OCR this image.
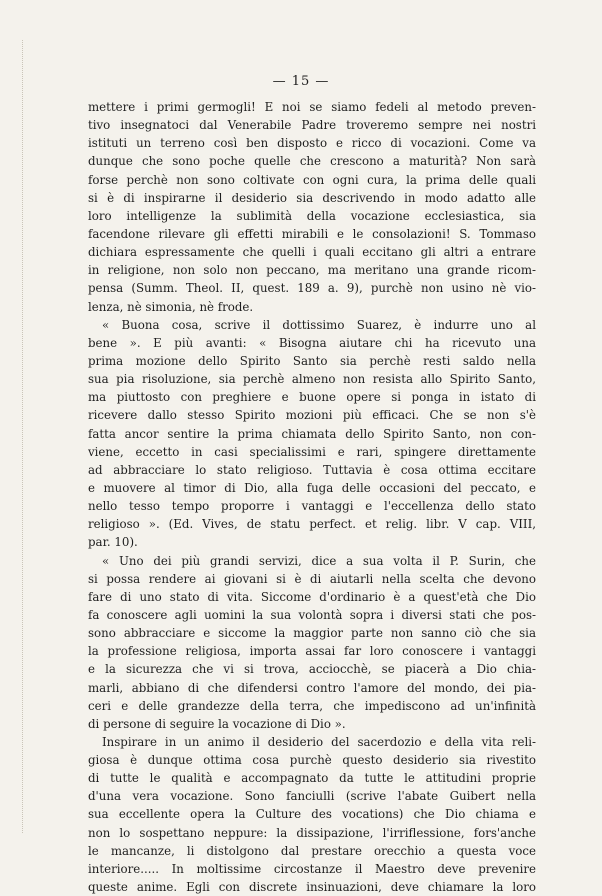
— 15 —
mettere i primi germogli! E noi se siamo fedeli al metodo preven-
tivo insegnatoci dal Venerabile Padre troveremo sempre nei nostri
istituti un terreno così ben disposto e ricco di vocazioni. Come va
dunque che sono poche quelle che crescono a maturità? Non sarà
forse perchè non sono coltivate con ogni cura, la prima delle quali
si è di inspirarne il desiderio sia descrivendo in modo adatto alle
loro intelligenze la sublimità della vocazione ecclesiastica, sia
facendone rilevare gli effetti mirabili e le consolazioni! S. Tommaso
dichiara espressamente che quelli i quali eccitano gli altri a entrare
in religione, non solo non peccano, ma meritano una grande ricom-
pensa (Summ. Theol. II, quest. 189 a. 9), purchè non usino nè vio-
lenza, nè simonia, nè frode.
« Buona cosa, scrive il dottissimo Suarez, è indurre uno al
bene ». E più avanti: « Bisogna aiutare chi ha ricevuto una
prima mozione dello Spirito Santo sia perchè resti saldo nella
sua pia risoluzione, sia perchè almeno non resista allo Spirito Santo,
ma piuttosto con preghiere e buone opere si ponga in istato di
ricevere dallo stesso Spirito mozioni più efficaci. Che se non s'è
fatta ancor sentire la prima chiamata dello Spirito Santo, non con-
viene, eccetto in casi specialissimi e rari, spingere direttamente
ad abbracciare lo stato religioso. Tuttavia è cosa ottima eccitare
e muovere al timor di Dio, alla fuga delle occasioni del peccato, e
nello tesso tempo proporre i vantaggi e l'eccellenza dello stato
religioso ». (Ed. Vives, de statu perfect. et relig. libr. V cap. VIII,
par. 10).
« Uno dei più grandi servizi, dice a sua volta il P. Surin, che
si possa rendere ai giovani si è di aiutarli nella scelta che devono
fare di uno stato di vita. Siccome d'ordinario è a quest'età che Dio
fa conoscere agli uomini la sua volontà sopra i diversi stati che pos-
sono abbracciare e siccome la maggior parte non sanno ciò che sia
la professione religiosa, importa assai far loro conoscere i vantaggi
e la sicurezza che vi si trova, acciocchè, se piacerà a Dio chia-
marli, abbiano di che difendersi contro l'amore del mondo, dei pia-
ceri e delle grandezze della terra, che impediscono ad un'infinità
di persone di seguire la vocazione di Dio ».
Inspirare in un animo il desiderio del sacerdozio e della vita reli-
giosa è dunque ottima cosa purchè questo desiderio sia rivestito
di tutte le qualità e accompagnato da tutte le attitudini proprie
d'una vera vocazione. Sono fanciulli (scrive l'abate Guibert nella
sua eccellente opera la Culture des vocations) che Dio chiama e
non lo sospettano neppure: la dissipazione, l'irriflessione, fors'anche
le mancanze, li distolgono dal prestare orecchio a questa voce
interiore..... In moltissime circostanze il Maestro deve prevenire
queste anime. Egli con discrete insinuazioni, deve chiamare la loro
